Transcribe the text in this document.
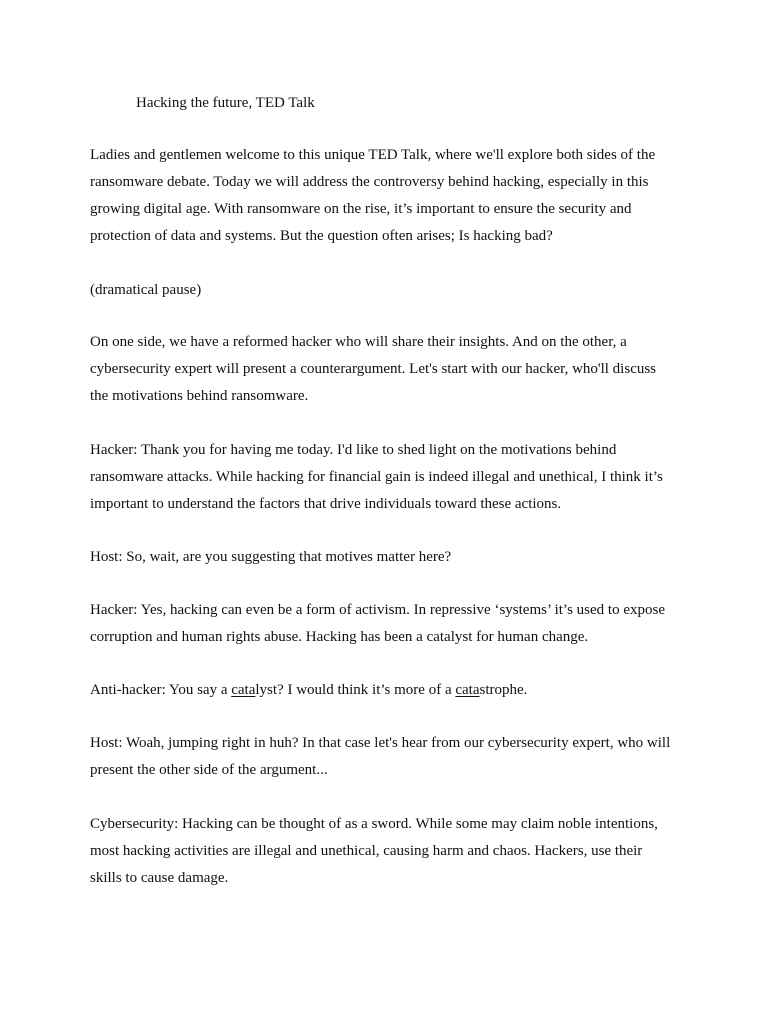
Hacking the future, TED Talk
Ladies and gentlemen welcome to this unique TED Talk, where we'll explore both sides of the
ransomware debate. Today we will address the controversy behind hacking, especially in this
growing digital age. With ransomware on the rise, it’s important to ensure the security and
protection of data and systems. But the question often arises; Is hacking bad?
(dramatical pause)
On one side, we have a reformed hacker who will share their insights. And on the other, a
cybersecurity expert will present a counterargument. Let's start with our hacker, who'll discuss
the motivations behind ransomware.
Hacker: Thank you for having me today. I'd like to shed light on the motivations behind
ransomware attacks. While hacking for financial gain is indeed illegal and unethical, I think it’s
important to understand the factors that drive individuals toward these actions.
Host: So, wait, are you suggesting that motives matter here?
Hacker: Yes, hacking can even be a form of activism. In repressive ‘systems’ it’s used to expose
corruption and human rights abuse. Hacking has been a catalyst for human change.
Anti-hacker: You say a catalyst? I would think it’s more of a catastrophe.
Host: Woah, jumping right in huh? In that case let's hear from our cybersecurity expert, who will
present the other side of the argument...
Cybersecurity: Hacking can be thought of as a sword. While some may claim noble intentions,
most hacking activities are illegal and unethical, causing harm and chaos. Hackers, use their
skills to cause damage.
